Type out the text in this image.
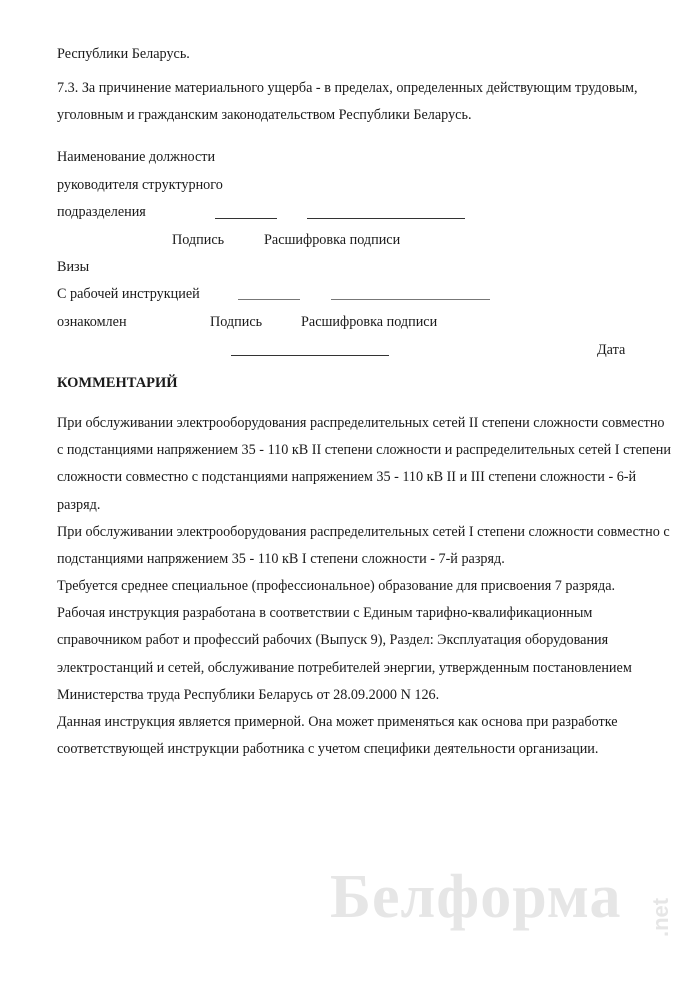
Республики Беларусь.
7.3. За причинение материального ущерба - в пределах, определенных действующим трудовым,
уголовным и гражданским законодательством Республики Беларусь.
Наименование должности
руководителя структурного
подразделения
Подпись	Расшифровка подписи
Визы
С рабочей инструкцией
ознакомлен	Подпись	Расшифровка подписи
Дата
КОММЕНТАРИЙ
При обслуживании электрооборудования распределительных сетей II степени сложности совместно
с подстанциями напряжением 35 - 110 кВ II степени сложности и распределительных сетей I степени
сложности совместно с подстанциями напряжением 35 - 110 кВ II и III степени сложности - 6-й
разряд.
При обслуживании электрооборудования распределительных сетей I степени сложности совместно с
подстанциями напряжением 35 - 110 кВ I степени сложности - 7-й разряд.
Требуется среднее специальное (профессиональное) образование для присвоения 7 разряда.
Рабочая инструкция разработана в соответствии с Единым тарифно-квалификационным
справочником работ и профессий рабочих (Выпуск 9), Раздел: Эксплуатация оборудования
электростанций и сетей, обслуживание потребителей энергии, утвержденным постановлением
Министерства труда Республики Беларусь от 28.09.2000 N 126.
Данная инструкция является примерной. Она может применяться как основа при разработке
соответствующей инструкции работника с учетом специфики деятельности организации.
Белформа .net
